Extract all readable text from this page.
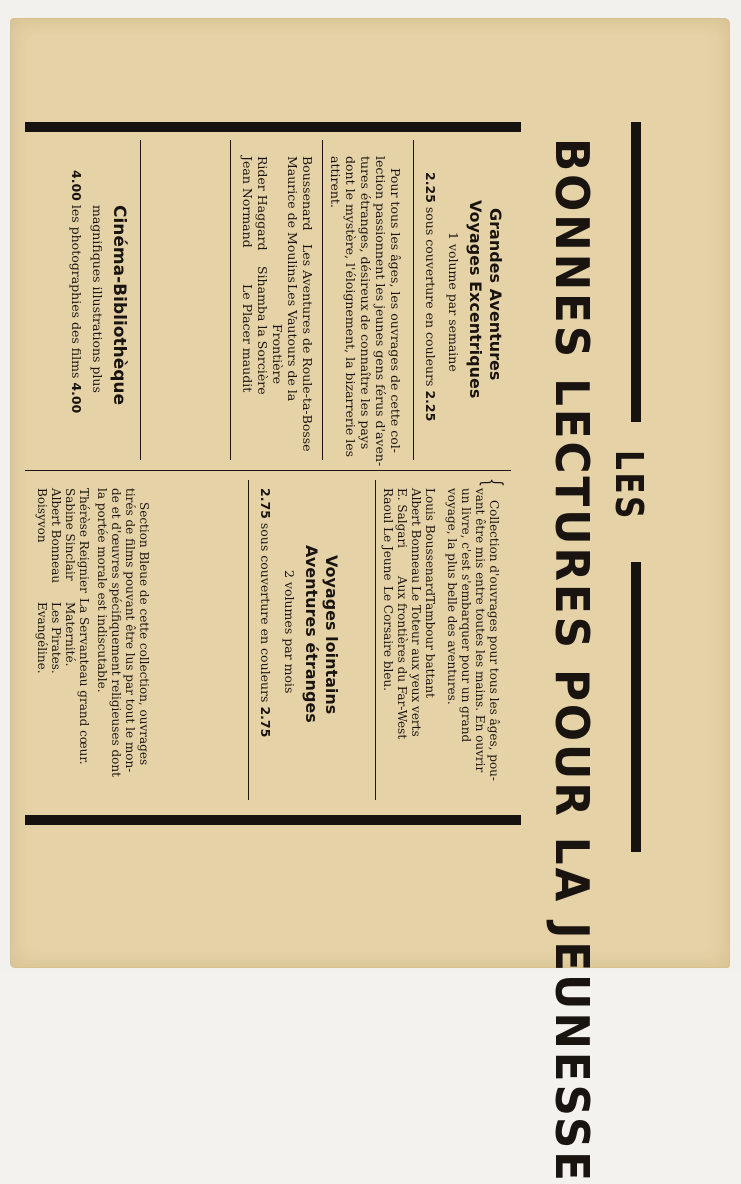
LES
BONNES LECTURES POUR LA JEUNESSE
Grandes Aventures
Voyages Excentriques
1 volume par semaine
2.25 sous couverture en couleurs 2.25
Pour tous les âges, les ouvrages de cette col-
lection passionnent les jeunes gens férus d'aven-
tures étranges, désireux de connaître les pays
dont le mystère, l'éloignement, la bizarrerie les
attirent.
BoussenardLes Aventures de Roule-ta-Bosse
Maurice de MoulinsLes Vautours de la
Frontière
Rider HaggardSihamba la Sorcière
Jean NormandLe Placer maudit
Cinéma-Bibliothèque
magnifiques illustrations plus
4.00 les photographies des films 4.00
Collection d'ouvrages pour tous les âges, pou-
vant être mis entre toutes les mains. En ouvrir
un livre, c'est s'embarquer pour un grand
voyage, la plus belle des aventures.
{
Louis BoussenardTambour battant
Albert BonneauLe Toteur aux yeux verts
E. SalgariAux frontières du Far-West
Raoul Le JeuneLe Corsaire bleu.
Voyages lointains
Aventures étranges
2 volumes par mois
2.75 sous couverture en couleurs 2.75
Section Bleue de cette collection, ouvrages
tirés de films pouvant être lus par tout le mon-
de et d'œuvres spécifiquement religieuses dont
la portée morale est indiscutable.
Thérèse ReignierLa Servanteau grand cœur.
Sabine SinclairMaternité.
Albert BonneauLes Pirates.
BoisyvonEvangéline.
